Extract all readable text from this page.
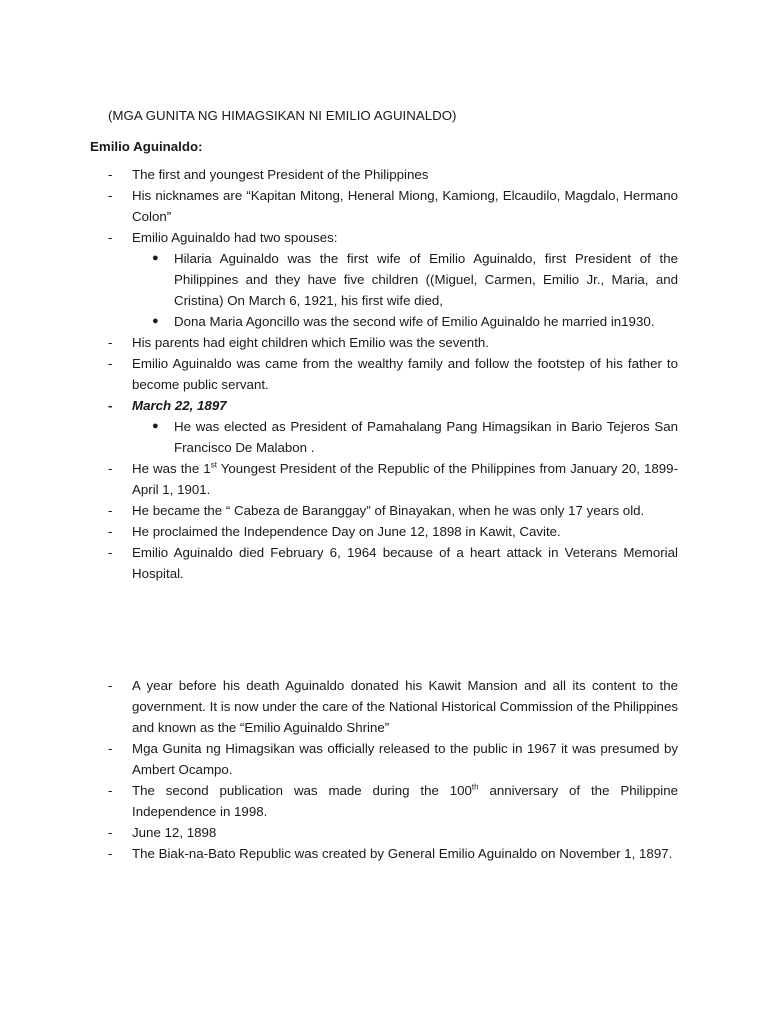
(MGA GUNITA NG HIMAGSIKAN NI EMILIO AGUINALDO)
Emilio Aguinaldo:
- The first and youngest President of the Philippines
- His nicknames are “Kapitan Mitong, Heneral Miong, Kamiong, Elcaudilo, Magdalo, Hermano Colon”
- Emilio Aguinaldo had two spouses:
● Hilaria Aguinaldo was the first wife of Emilio Aguinaldo, first President of the Philippines and they have five children ((Miguel, Carmen, Emilio Jr., Maria, and Cristina) On March 6, 1921, his first wife died,
● Dona Maria Agoncillo was the second wife of Emilio Aguinaldo he married in1930.
- His parents had eight children which Emilio was the seventh.
- Emilio Aguinaldo was came from the wealthy family and follow the footstep of his father to become public servant.
- March 22, 1897
● He was elected as President of Pamahalang Pang Himagsikan in Bario Tejeros San Francisco De Malabon .
- He was the 1st Youngest President of the Republic of the Philippines from January 20, 1899- April 1, 1901.
- He became the “ Cabeza de Baranggay” of Binayakan, when he was only 17 years old.
- He proclaimed the Independence Day on June 12, 1898 in Kawit, Cavite.
- Emilio Aguinaldo died February 6, 1964 because of a heart attack in Veterans Memorial Hospital.
- A year before his death Aguinaldo donated his Kawit Mansion and all its content to the government. It is now under the care of the National Historical Commission of the Philippines and known as the “Emilio Aguinaldo Shrine”
- Mga Gunita ng Himagsikan was officially released to the public in 1967 it was presumed by Ambert Ocampo.
- The second publication was made during the 100th anniversary of the Philippine Independence in 1998.
- June 12, 1898
- The Biak-na-Bato Republic was created by General Emilio Aguinaldo on November 1, 1897.
